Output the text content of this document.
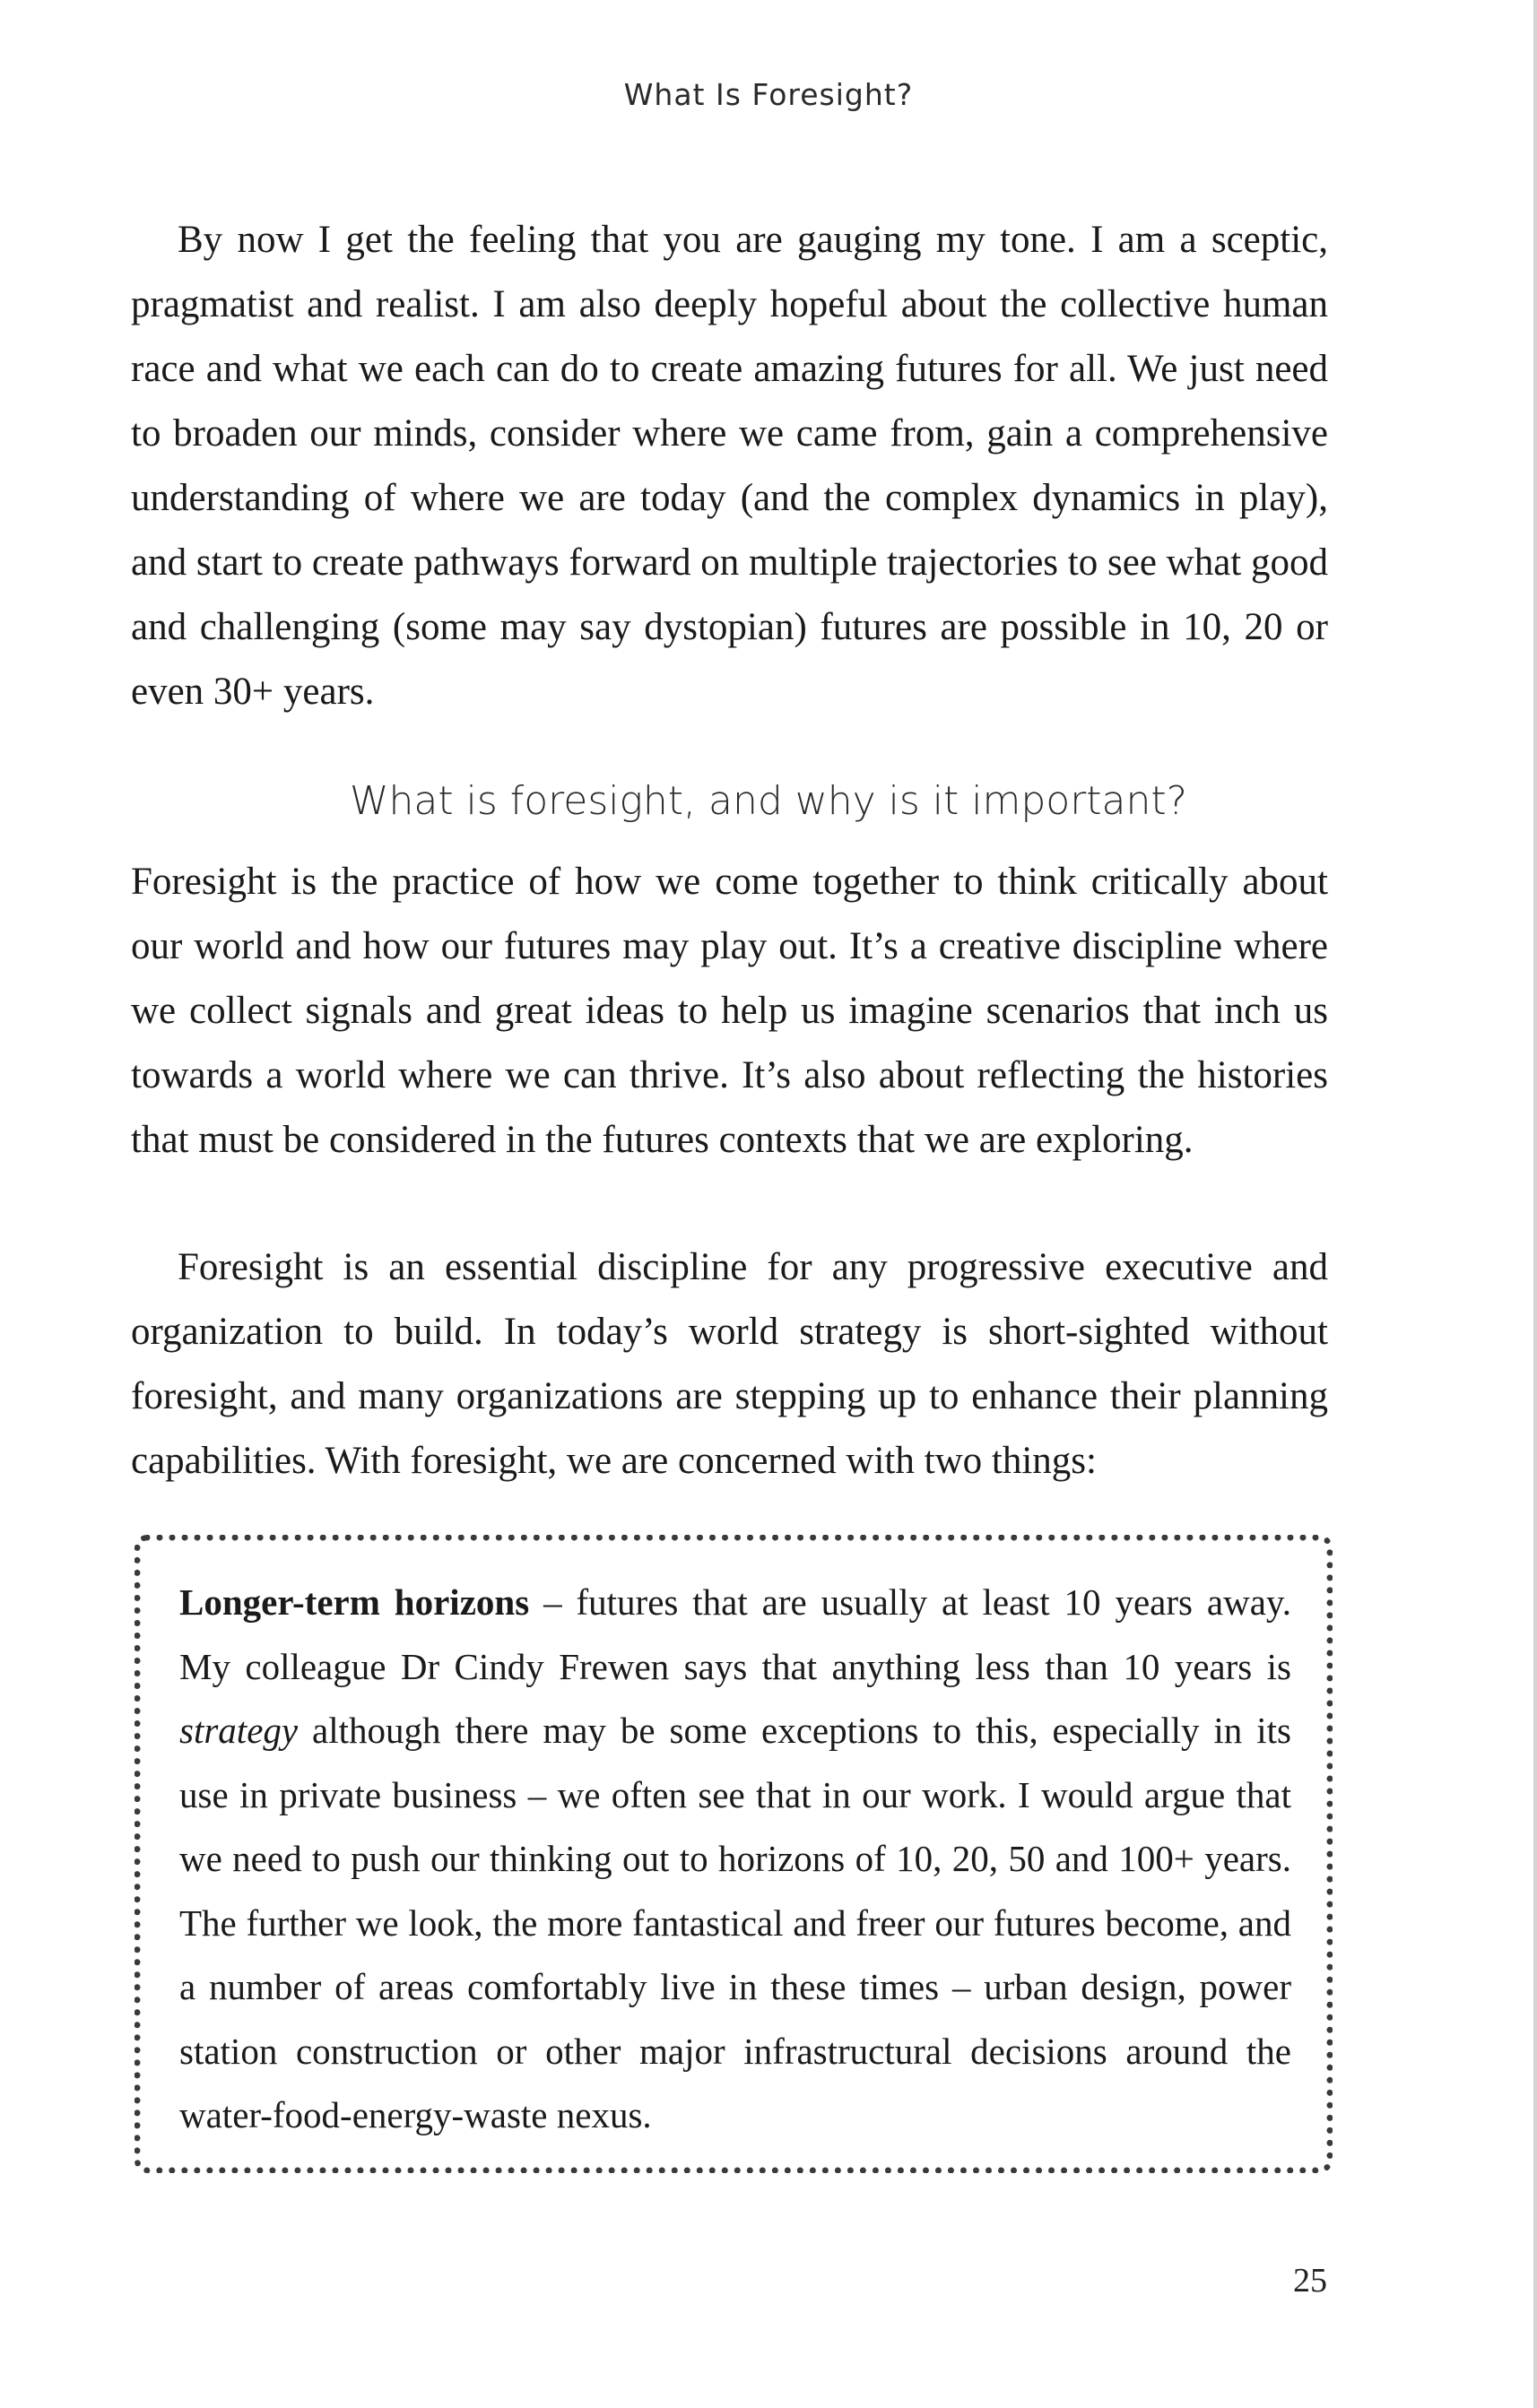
What Is Foresight?

By now I get the feeling that you are gauging my tone. I am a sceptic, pragmatist and realist. I am also deeply hopeful about the collective human race and what we each can do to create amazing futures for all. We just need to broaden our minds, consider where we came from, gain a comprehensive understanding of where we are today (and the complex dynamics in play), and start to create pathways forward on multiple trajectories to see what good and challenging (some may say dystopian) futures are possible in 10, 20 or even 30+ years.

What is foresight, and why is it important?

Foresight is the practice of how we come together to think critically about our world and how our futures may play out. It’s a creative discipline where we collect signals and great ideas to help us imagine scenarios that inch us towards a world where we can thrive. It’s also about reflecting the histories that must be considered in the futures contexts that we are exploring.

Foresight is an essential discipline for any progressive executive and organization to build. In today’s world strategy is short-sighted without foresight, and many organizations are stepping up to enhance their planning capabilities. With foresight, we are concerned with two things:

Longer-term horizons – futures that are usually at least 10 years away. My colleague Dr Cindy Frewen says that anything less than 10 years is strategy although there may be some exceptions to this, especially in its use in private business – we often see that in our work. I would argue that we need to push our thinking out to horizons of 10, 20, 50 and 100+ years. The further we look, the more fantastical and freer our futures become, and a number of areas comfortably live in these times – urban design, power station construction or other major infrastructural decisions around the water-food-energy-waste nexus.

25
